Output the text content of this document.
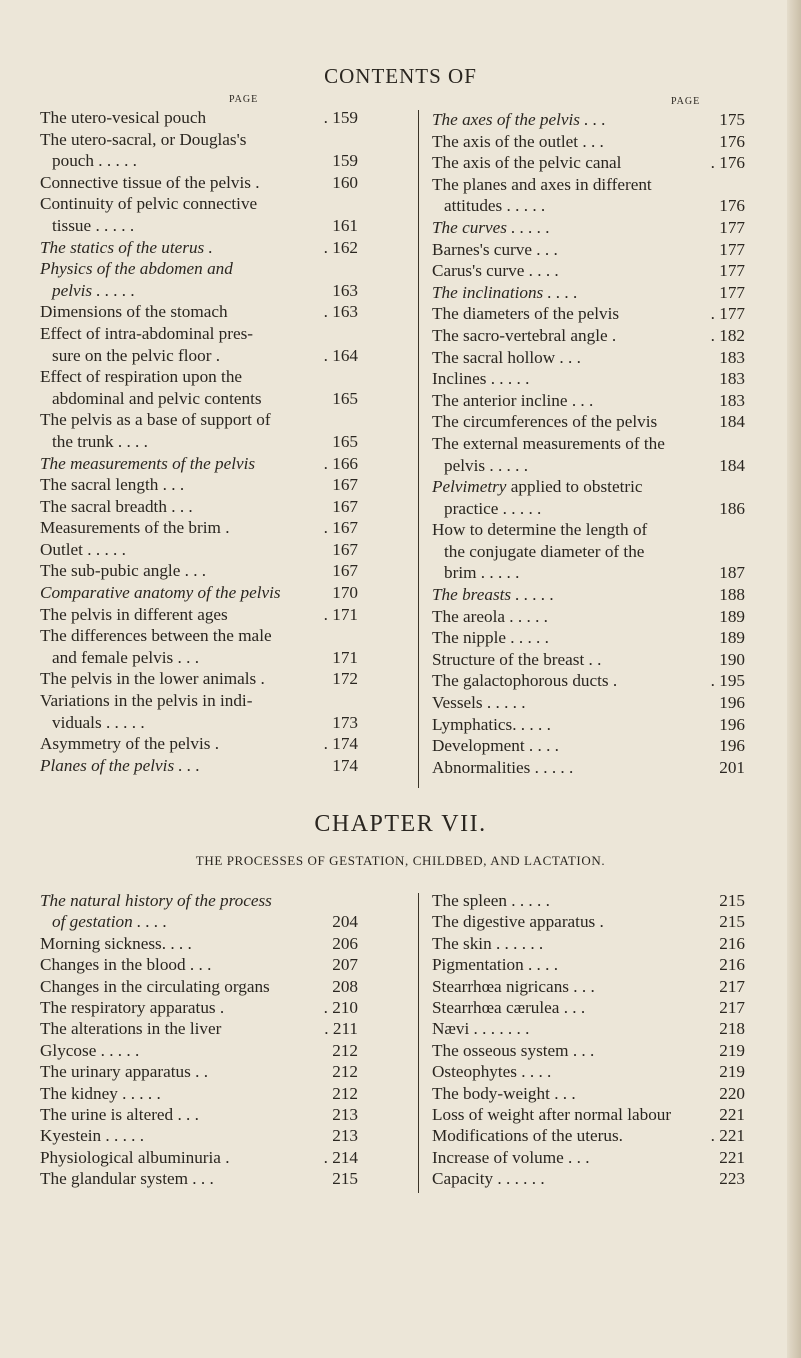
CONTENTS OF
PAGE	PAGE
The utero-vesical pouch	. 159
The utero-sacral, or Douglas's
pouch . . . . .	159
Connective tissue of the pelvis .	160
Continuity of pelvic connective
tissue . . . . .	161
The statics of the uterus .	. 162
Physics of the abdomen and
pelvis . . . . .	163
Dimensions of the stomach	. 163
Effect of intra-abdominal pres-
sure on the pelvic floor .	. 164
Effect of respiration upon the
abdominal and pelvic contents	165
The pelvis as a base of support of
the trunk . . . .	165
The measurements of the pelvis	. 166
The sacral length . . .	167
The sacral breadth . . .	167
Measurements of the brim .	. 167
Outlet . . . . .	167
The sub-pubic angle . . .	167
Comparative anatomy of the pelvis	170
The pelvis in different ages	. 171
The differences between the male
and female pelvis . . .	171
The pelvis in the lower animals .	172
Variations in the pelvis in indi-
viduals . . . . .	173
Asymmetry of the pelvis .	. 174
Planes of the pelvis . . .	174
The axes of the pelvis . . .	175
The axis of the outlet . . .	176
The axis of the pelvic canal	. 176
The planes and axes in different
attitudes . . . . .	176
The curves . . . . .	177
Barnes's curve . . .	177
Carus's curve . . . .	177
The inclinations . . . .	177
The diameters of the pelvis	. 177
The sacro-vertebral angle .	. 182
The sacral hollow . . .	183
Inclines . . . . .	183
The anterior incline . . .	183
The circumferences of the pelvis	184
The external measurements of the
pelvis . . . . .	184
Pelvimetry applied to obstetric
practice . . . . .	186
How to determine the length of
the conjugate diameter of the
brim . . . . .	187
The breasts . . . . .	188
The areola . . . . .	189
The nipple . . . . .	189
Structure of the breast . .	190
The galactophorous ducts .	. 195
Vessels . . . . .	196
Lymphatics. . . . .	196
Development . . . .	196
Abnormalities . . . . .	201
CHAPTER VII.
THE PROCESSES OF GESTATION, CHILDBED, AND LACTATION.
The natural history of the process
of gestation . . . .	204
Morning sickness. . . .	206
Changes in the blood . . .	207
Changes in the circulating organs	208
The respiratory apparatus .	. 210
The alterations in the liver	. 211
Glycose . . . . .	212
The urinary apparatus . .	212
The kidney . . . . .	212
The urine is altered . . .	213
Kyestein . . . . .	213
Physiological albuminuria .	. 214
The glandular system . . .	215
The spleen . . . . .	215
The digestive apparatus .	215
The skin . . . . . .	216
Pigmentation . . . .	216
Stearrhœa nigricans . . .	217
Stearrhœa cærulea . . .	217
Nævi . . . . . . .	218
The osseous system . . .	219
Osteophytes . . . .	219
The body-weight . . .	220
Loss of weight after normal labour	221
Modifications of the uterus.	. 221
Increase of volume . . .	221
Capacity . . . . . .	223
